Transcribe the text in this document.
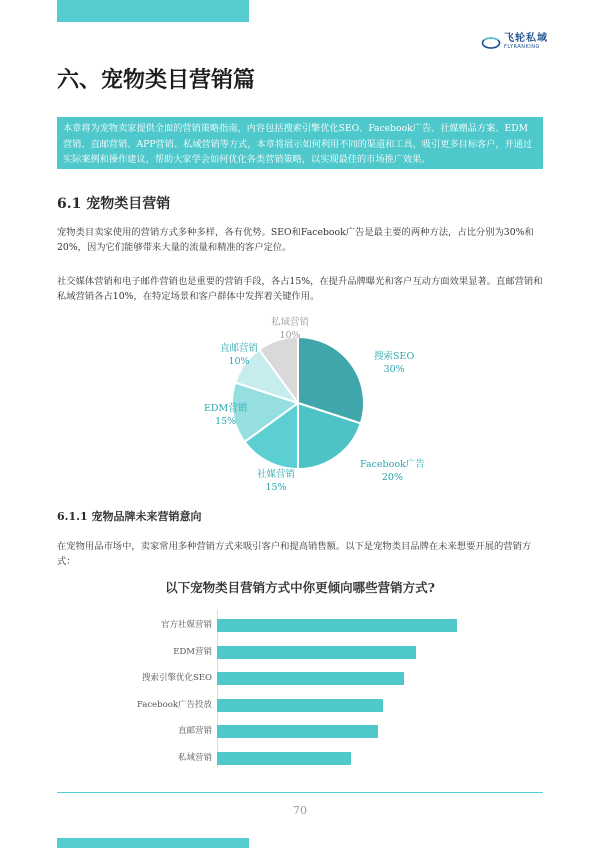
飞轮私域
FLYRANKING
六、宠物类目营销篇
本章将为宠物卖家提供全面的营销策略指南，内容包括搜索引擎优化SEO、Facebook广告、社媒赠品方案、EDM营销、直邮营销、APP营销、私域营销等方式，本章将展示如何利用不同的渠道和工具，吸引更多目标客户，并通过实际案例和操作建议，帮助大家学会如何优化各类营销策略，以实现最佳的市场推广效果。
6.1 宠物类目营销

宠物类目卖家使用的营销方式多种多样，各有优势。SEO和Facebook广告是最主要的两种方法，占比分别为30%和20%，因为它们能够带来大量的流量和精准的客户定位。

社交媒体营销和电子邮件营销也是重要的营销手段，各占15%，在提升品牌曝光和客户互动方面效果显著。直邮营销和私域营销各占10%，在特定场景和客户群体中发挥着关键作用。

搜索SEO
30%
Facebook广告
20%
社媒营销
15%
EDM营销
15%
直邮营销
10%
私域营销
10%
6.1.1 宠物品牌未来营销意向

在宠物用品市场中，卖家常用多种营销方式来吸引客户和提高销售额。以下是宠物类目品牌在未来想要开展的营销方式：

以下宠物类目营销方式中你更倾向哪些营销方式?
官方社媒营销
EDM营销
搜索引擎优化SEO
Facebook广告投放
直邮营销
私域营销
70
